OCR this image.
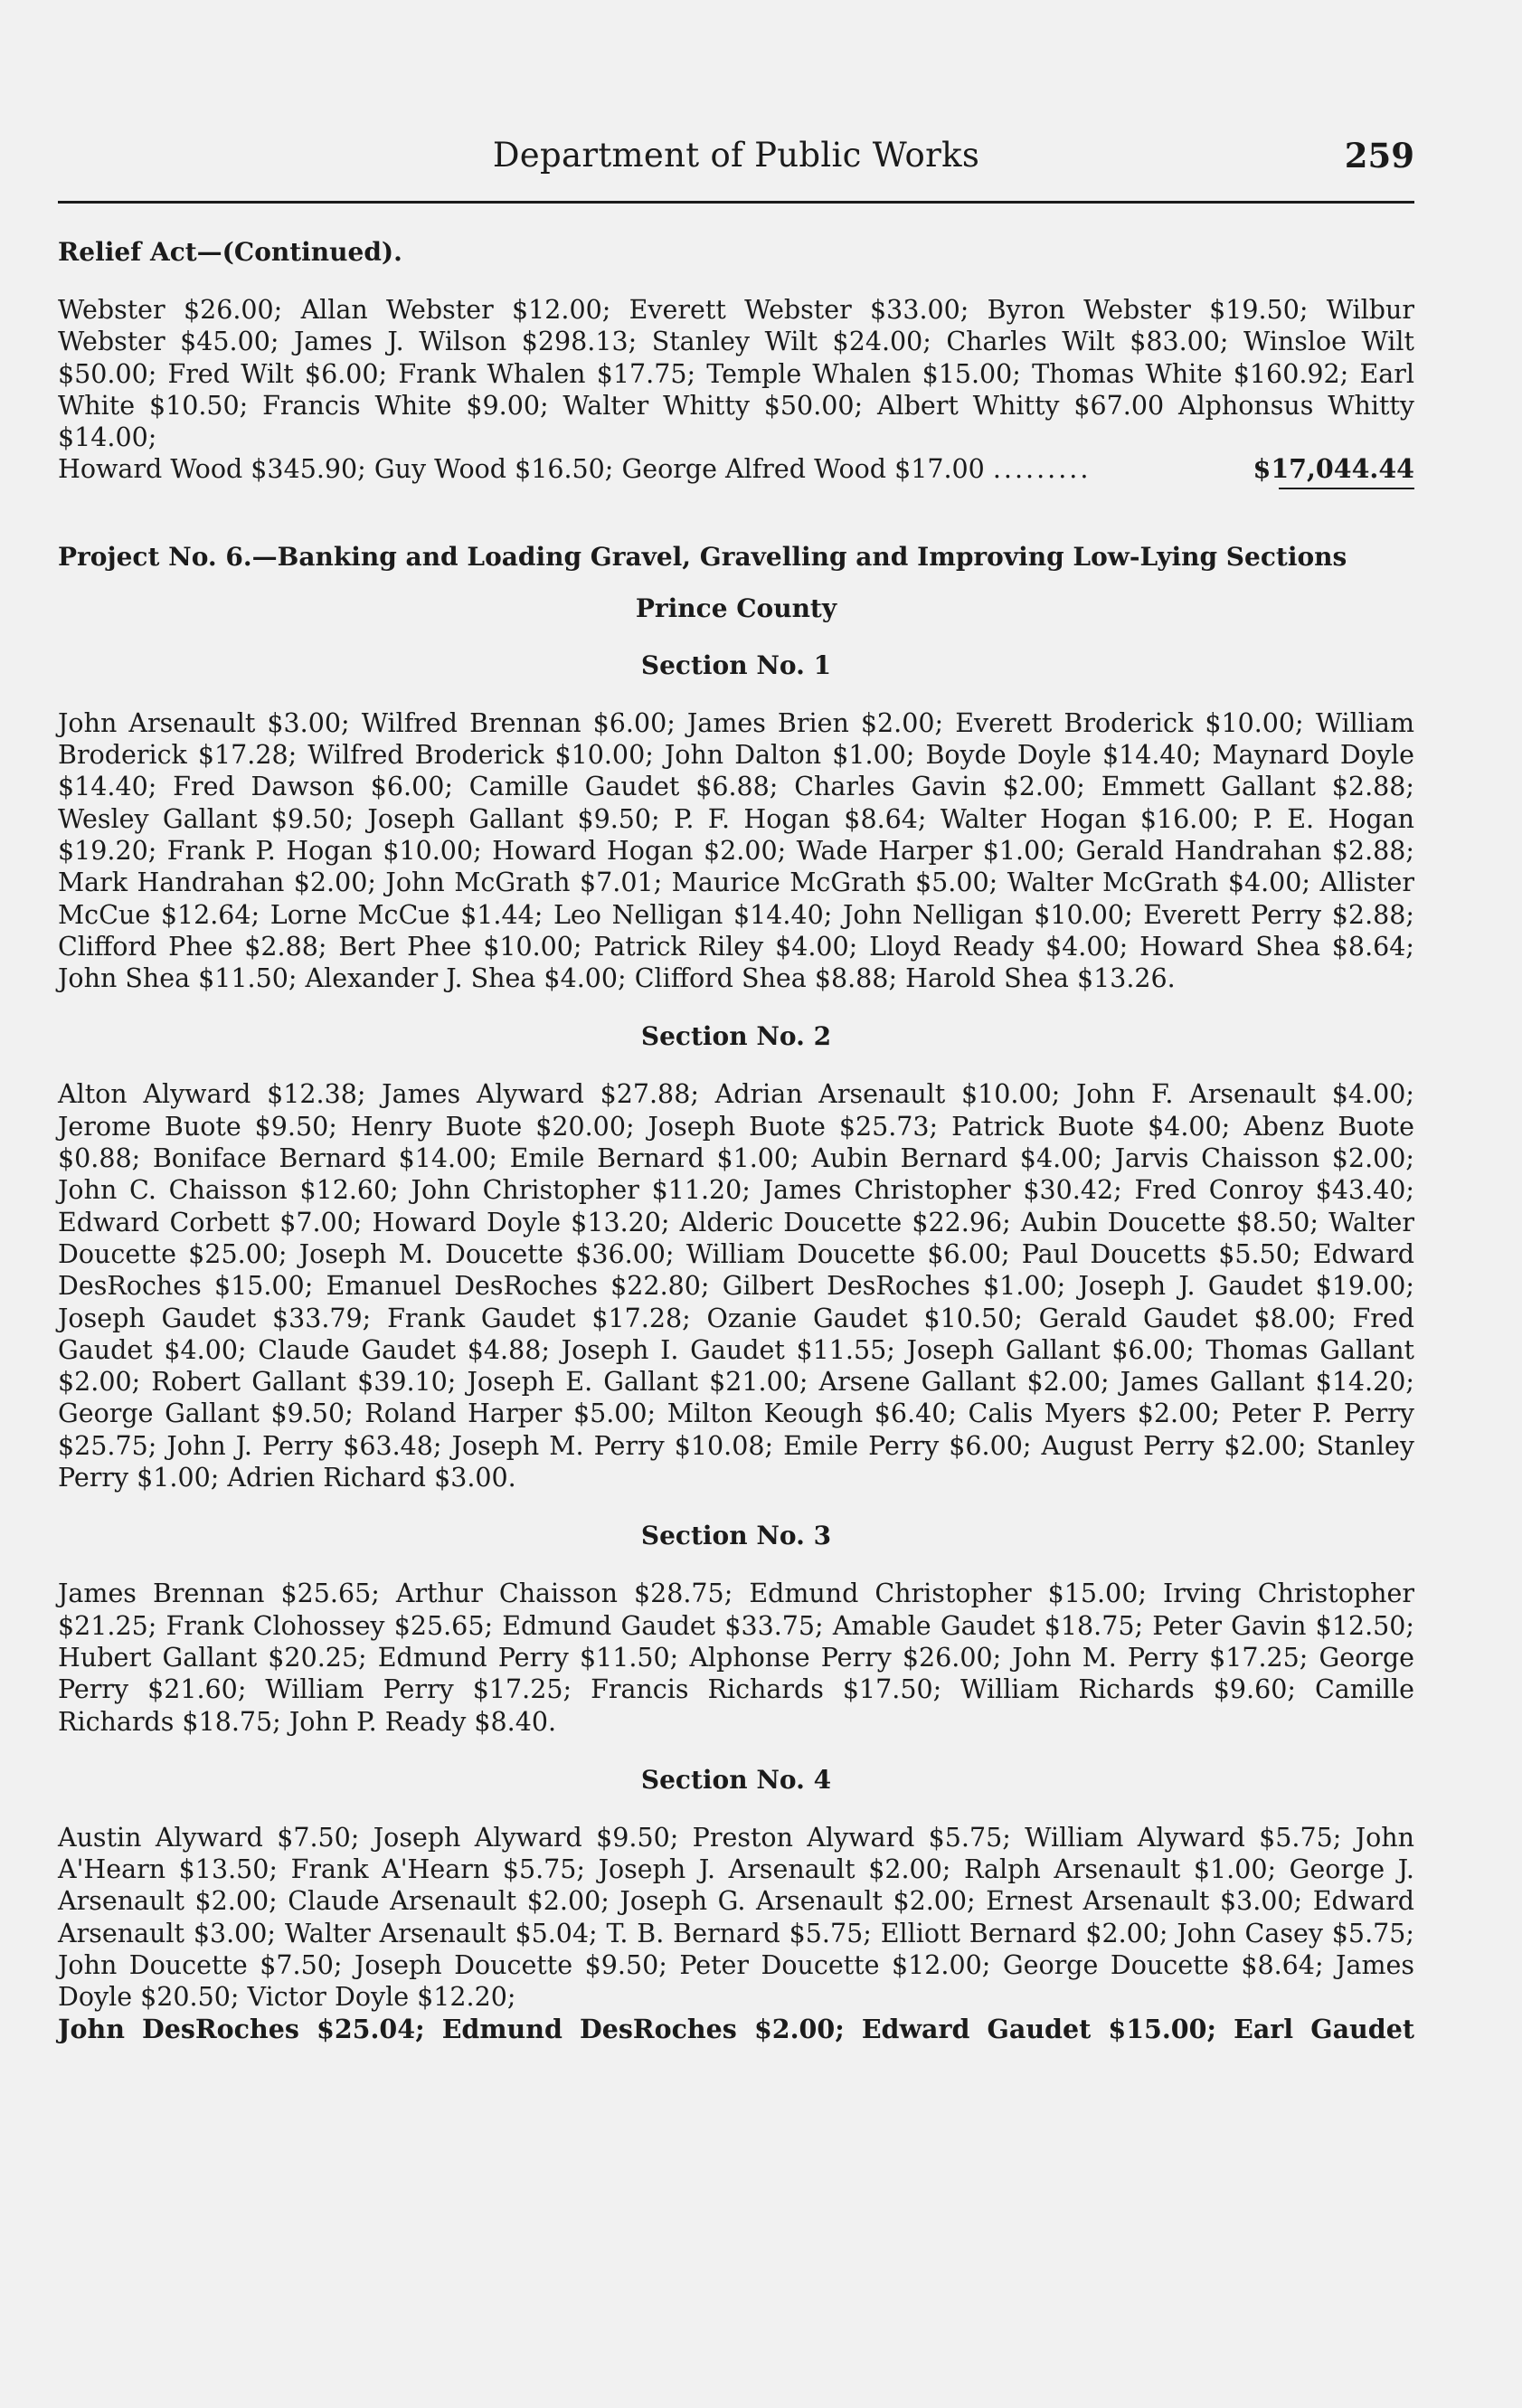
Department of Public Works	259
Relief Act—(Continued).

Webster $26.00; Allan Webster $12.00; Everett Webster $33.00; Byron Webster $19.50; Wilbur Webster $45.00; James J. Wilson $298.13; Stanley Wilt $24.00; Charles Wilt $83.00; Winsloe Wilt $50.00; Fred Wilt $6.00; Frank Whalen $17.75; Temple Whalen $15.00; Thomas White $160.92; Earl White $10.50; Francis White $9.00; Walter Whitty $50.00; Albert Whitty $67.00 Alphonsus Whitty $14.00;

Howard Wood $345.90; Guy Wood $16.50; George Alfred Wood $17.00 .........	$17,044.44
Project No. 6.—Banking and Loading Gravel, Gravelling and Improving Low-Lying Sections
Prince County
Section No. 1

John Arsenault $3.00; Wilfred Brennan $6.00; James Brien $2.00; Everett Broderick $10.00; William Broderick $17.28; Wilfred Broderick $10.00; John Dalton $1.00; Boyde Doyle $14.40; Maynard Doyle $14.40; Fred Dawson $6.00; Camille Gaudet $6.88; Charles Gavin $2.00; Emmett Gallant $2.88; Wesley Gallant $9.50; Joseph Gallant $9.50; P. F. Hogan $8.64; Walter Hogan $16.00; P. E. Hogan $19.20; Frank P. Hogan $10.00; Howard Hogan $2.00; Wade Harper $1.00; Gerald Handrahan $2.88; Mark Handrahan $2.00; John McGrath $7.01; Maurice McGrath $5.00; Walter McGrath $4.00; Allister McCue $12.64; Lorne McCue $1.44; Leo Nelligan $14.40; John Nelligan $10.00; Everett Perry $2.88; Clifford Phee $2.88; Bert Phee $10.00; Patrick Riley $4.00; Lloyd Ready $4.00; Howard Shea $8.64; John Shea $11.50; Alexander J. Shea $4.00; Clifford Shea $8.88; Harold Shea $13.26.

Section No. 2

Alton Alyward $12.38; James Alyward $27.88; Adrian Arsenault $10.00; John F. Arsenault $4.00; Jerome Buote $9.50; Henry Buote $20.00; Joseph Buote $25.73; Patrick Buote $4.00; Abenz Buote $0.88; Boniface Bernard $14.00; Emile Bernard $1.00; Aubin Bernard $4.00; Jarvis Chaisson $2.00; John C. Chaisson $12.60; John Christopher $11.20; James Christopher $30.42; Fred Conroy $43.40; Edward Corbett $7.00; Howard Doyle $13.20; Alderic Doucette $22.96; Aubin Doucette $8.50; Walter Doucette $25.00; Joseph M. Doucette $36.00; William Doucette $6.00; Paul Doucetts $5.50; Edward DesRoches $15.00; Emanuel DesRoches $22.80; Gilbert DesRoches $1.00; Joseph J. Gaudet $19.00; Joseph Gaudet $33.79; Frank Gaudet $17.28; Ozanie Gaudet $10.50; Gerald Gaudet $8.00; Fred Gaudet $4.00; Claude Gaudet $4.88; Joseph I. Gaudet $11.55; Joseph Gallant $6.00; Thomas Gallant $2.00; Robert Gallant $39.10; Joseph E. Gallant $21.00; Arsene Gallant $2.00; James Gallant $14.20; George Gallant $9.50; Roland Harper $5.00; Milton Keough $6.40; Calis Myers $2.00; Peter P. Perry $25.75; John J. Perry $63.48; Joseph M. Perry $10.08; Emile Perry $6.00; August Perry $2.00; Stanley Perry $1.00; Adrien Richard $3.00.

Section No. 3

James Brennan $25.65; Arthur Chaisson $28.75; Edmund Christopher $15.00; Irving Christopher $21.25; Frank Clohossey $25.65; Edmund Gaudet $33.75; Amable Gaudet $18.75; Peter Gavin $12.50; Hubert Gallant $20.25; Edmund Perry $11.50; Alphonse Perry $26.00; John M. Perry $17.25; George Perry $21.60; William Perry $17.25; Francis Richards $17.50; William Richards $9.60; Camille Richards $18.75; John P. Ready $8.40.

Section No. 4

Austin Alyward $7.50; Joseph Alyward $9.50; Preston Alyward $5.75; William Alyward $5.75; John A'Hearn $13.50; Frank A'Hearn $5.75; Joseph J. Arsenault $2.00; Ralph Arsenault $1.00; George J. Arsenault $2.00; Claude Arsenault $2.00; Joseph G. Arsenault $2.00; Ernest Arsenault $3.00; Edward Arsenault $3.00; Walter Arsenault $5.04; T. B. Bernard $5.75; Elliott Bernard $2.00; John Casey $5.75; John Doucette $7.50; Joseph Doucette $9.50; Peter Doucette $12.00; George Doucette $8.64; James Doyle $20.50; Victor Doyle $12.20;

John DesRoches $25.04; Edmund DesRoches $2.00; Edward Gaudet $15.00; Earl Gaudet
